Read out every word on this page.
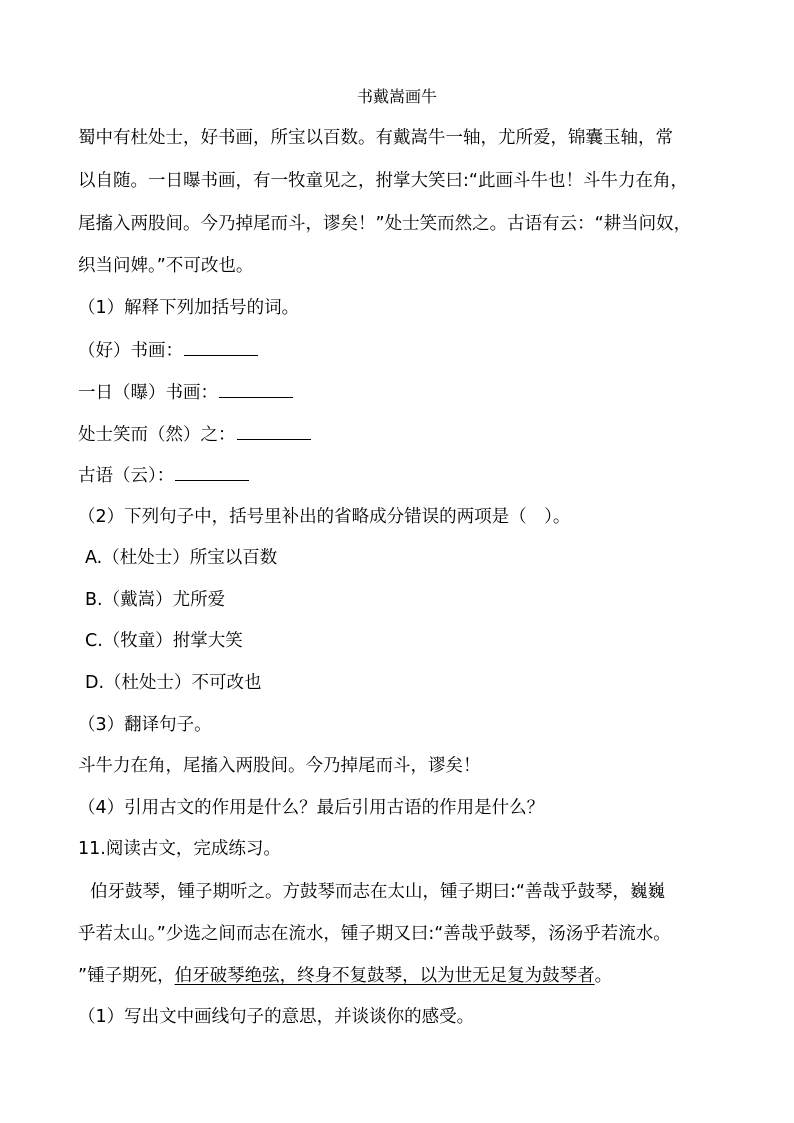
书戴嵩画牛
蜀中有杜处士，好书画，所宝以百数。有戴嵩牛一轴，尤所爱，锦囊玉轴，常
以自随。一日曝书画，有一牧童见之，拊掌大笑曰:“此画斗牛也！斗牛力在角，
尾搐入两股间。今乃掉尾而斗，谬矣！”处士笑而然之。古语有云：“耕当问奴，
织当问婢。”不可改也。
（1）解释下列加括号的词。
（好）书画：
一日（曝）书画：
处士笑而（然）之：
古语（云）：
（2）下列句子中，括号里补出的省略成分错误的两项是（　）。
A.（杜处士）所宝以百数
B.（戴嵩）尤所爱
C.（牧童）拊掌大笑
D.（杜处士）不可改也
（3）翻译句子。
斗牛力在角，尾搐入两股间。今乃掉尾而斗，谬矣！
（4）引用古文的作用是什么？最后引用古语的作用是什么？
11.阅读古文，完成练习。
伯牙鼓琴，锺子期听之。方鼓琴而志在太山，锺子期曰:“善哉乎鼓琴，巍巍
乎若太山。”少选之间而志在流水，锺子期又曰:“善哉乎鼓琴，汤汤乎若流水。
”锺子期死，伯牙破琴绝弦，终身不复鼓琴，以为世无足复为鼓琴者。
（1）写出文中画线句子的意思，并谈谈你的感受。
